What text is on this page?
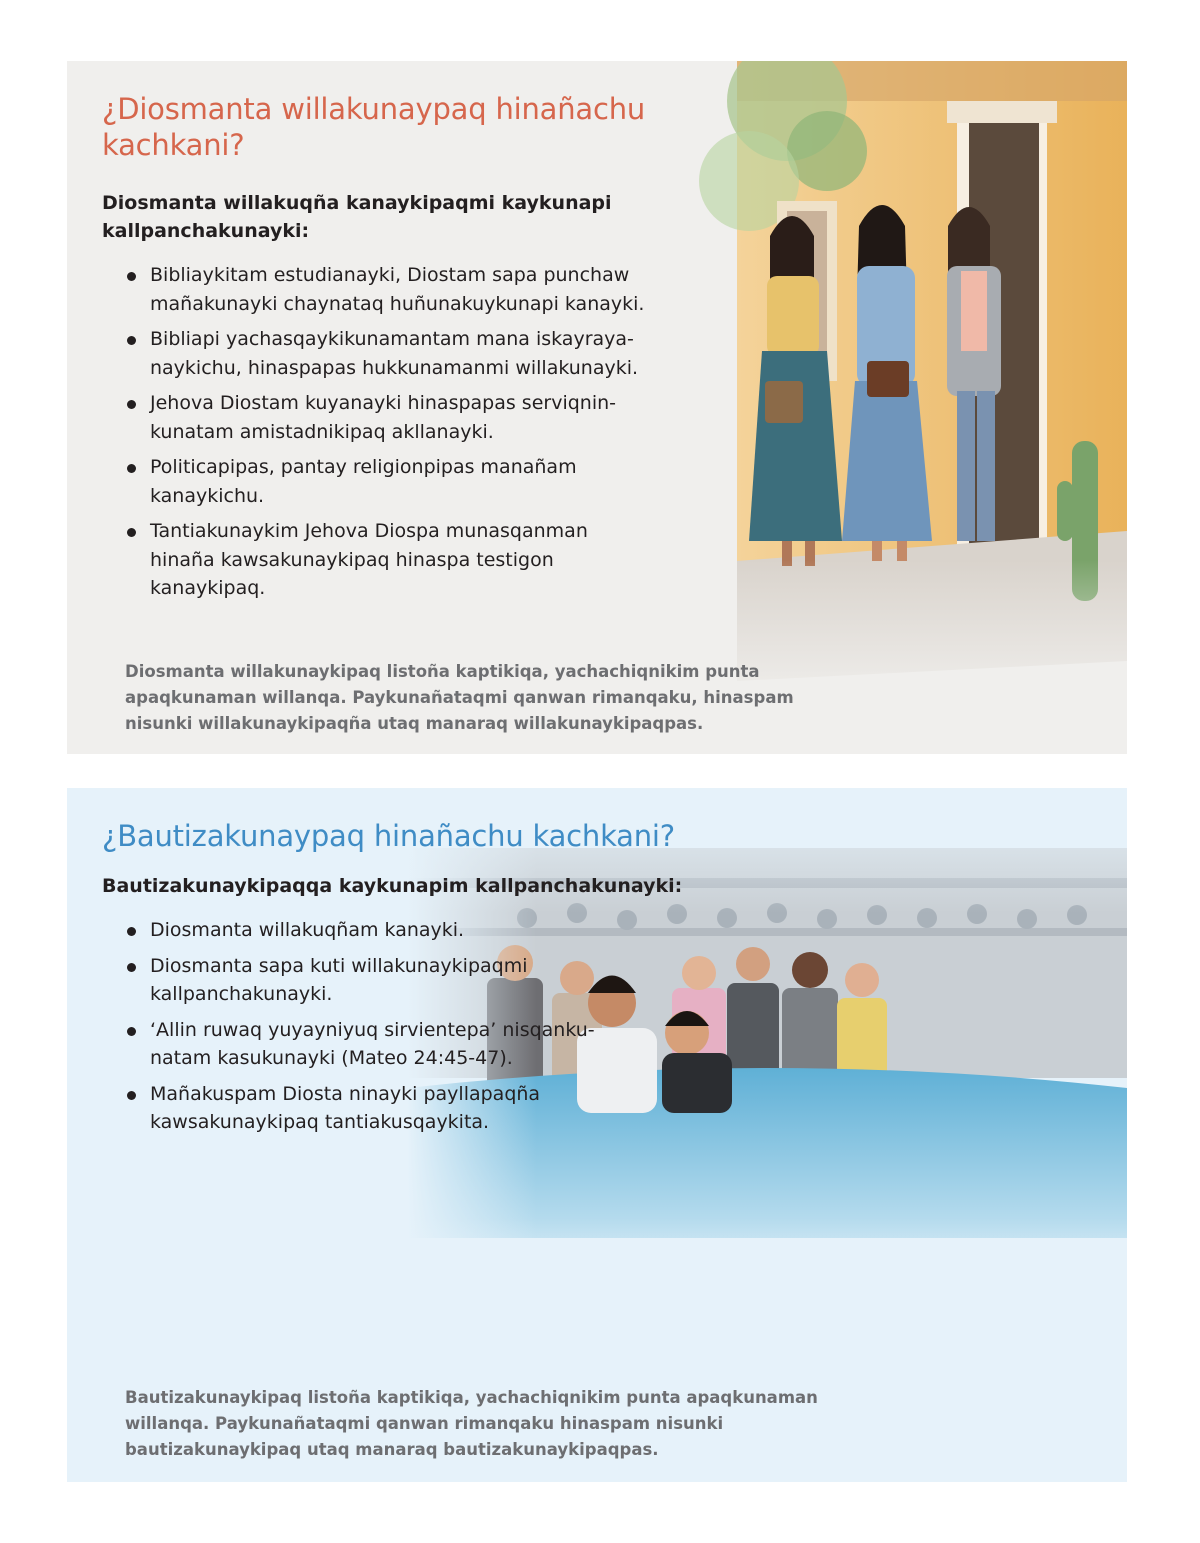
¿Diosmanta willakunaypaq hinañachu kachkani?

Diosmanta willakuqña kanaykipaqmi kaykunapi kallpanchakunayki:

Bibliaykitam estudianayki, Diostam sapa punchaw
mañakunayki chaynataq huñunakuykunapi kanayki.
Bibliapi yachasqaykikunamantam mana iskayraya-
naykichu, hinaspapas hukkunamanmi willakunayki.
Jehova Diostam kuyanayki hinaspapas serviqnin-
kunatam amistadnikipaq akllanayki.
Politicapipas, pantay religionpipas manañam
kanaykichu.
Tantiakunaykim Jehova Diospa munasqanman
hinaña kawsakunaykipaq hinaspa testigon
kanaykipaq.

Diosmanta willakunaykipaq listoña kaptikiqa, yachachiqnikim punta
apaqkunaman willanqa. Paykunañataqmi qanwan rimanqaku, hinaspam
nisunki willakunaykipaqña utaq manaraq willakunaykipaqpas.

¿Bautizakunaypaq hinañachu kachkani?

Bautizakunaykipaqqa kaykunapim kallpanchakunayki:

Diosmanta willakuqñam kanayki.
Diosmanta sapa kuti willakunaykipaqmi
kallpanchakunayki.
‘Allin ruwaq yuyayniyuq sirvientepa’ nisqanku-
natam kasukunayki (Mateo 24:45-47).
Mañakuspam Diosta ninayki payllapaqña
kawsakunaykipaq tantiakusqaykita.

Bautizakunaykipaq listoña kaptikiqa, yachachiqnikim punta apaqkunaman
willanqa. Paykunañataqmi qanwan rimanqaku hinaspam nisunki
bautizakunaykipaq utaq manaraq bautizakunaykipaqpas.
